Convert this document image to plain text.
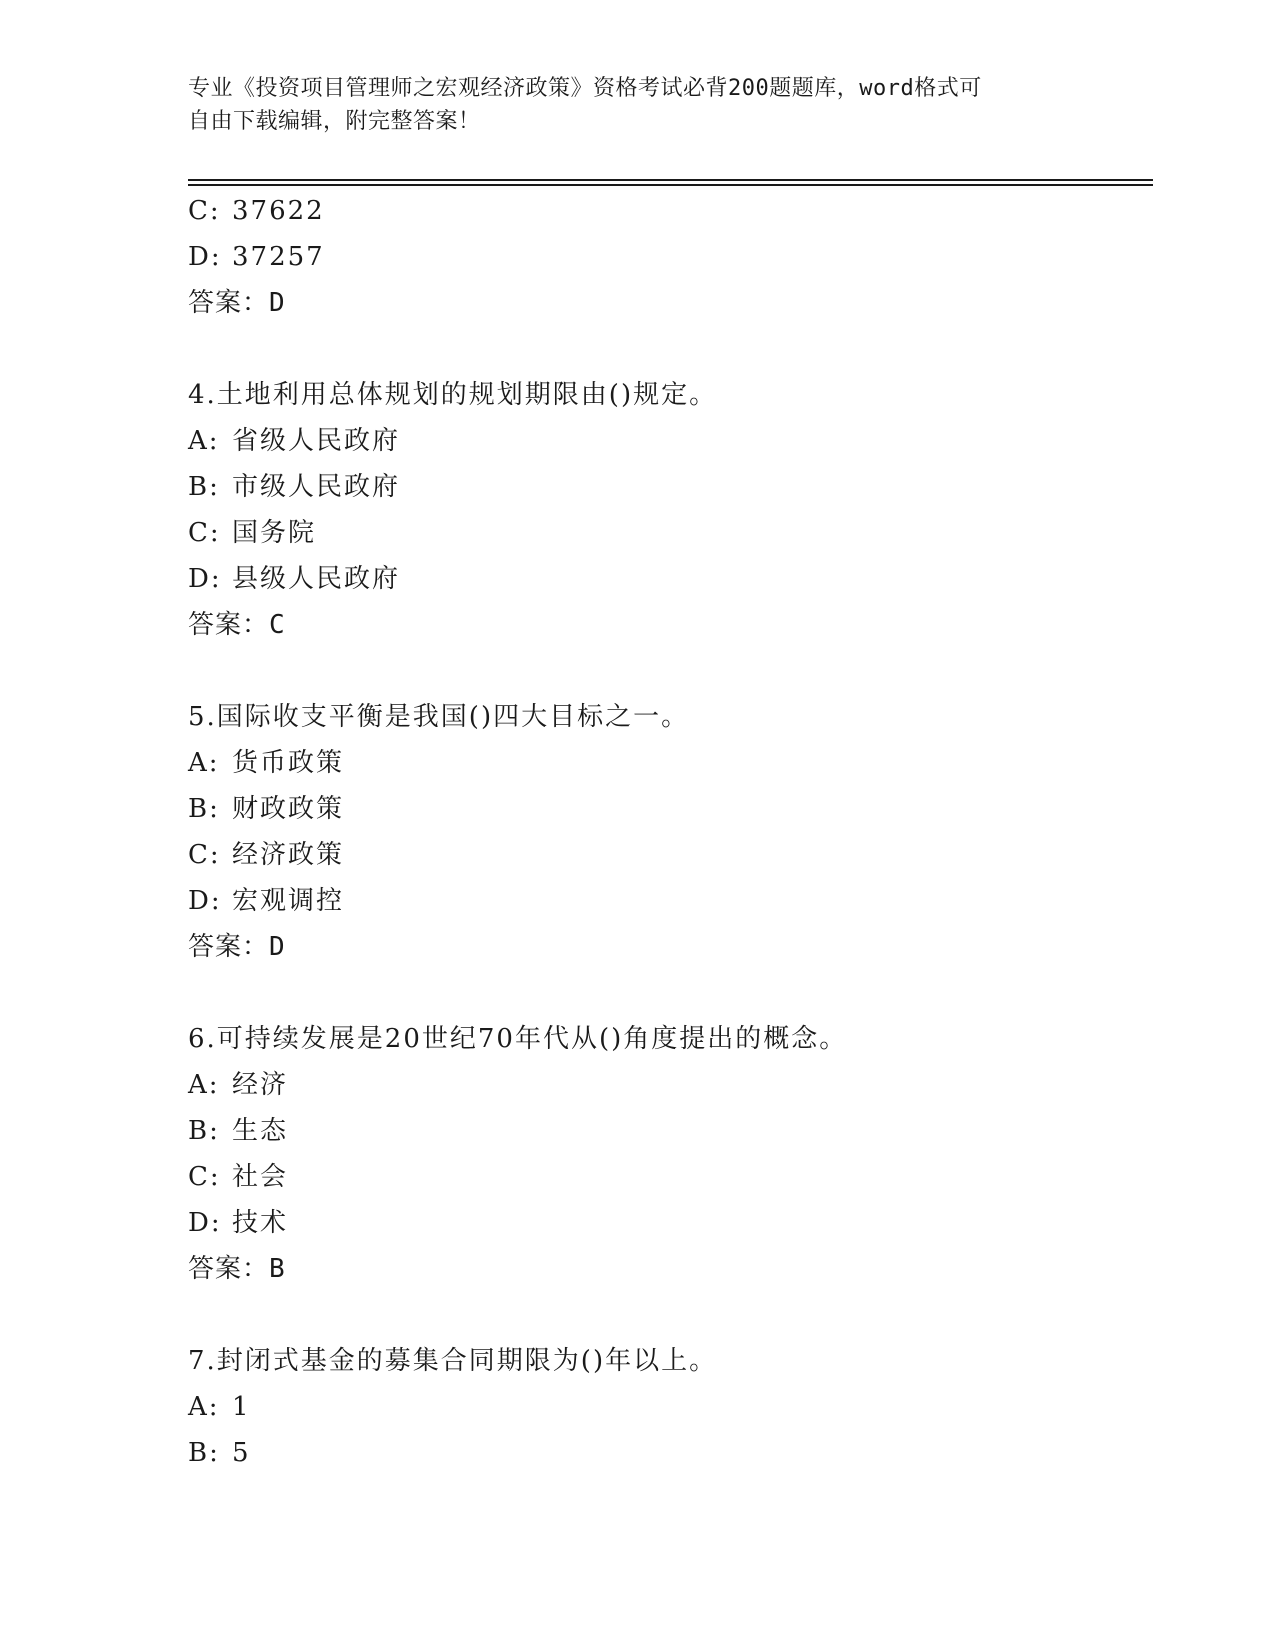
专业《投资项目管理师之宏观经济政策》资格考试必背200题题库，word格式可
自由下载编辑，附完整答案！
C: 37622
D: 37257
答案：D
4.土地利用总体规划的规划期限由()规定。
A: 省级人民政府
B: 市级人民政府
C: 国务院
D: 县级人民政府
答案：C
5.国际收支平衡是我国()四大目标之一。
A: 货币政策
B: 财政政策
C: 经济政策
D: 宏观调控
答案：D
6.可持续发展是20世纪70年代从()角度提出的概念。
A: 经济
B: 生态
C: 社会
D: 技术
答案：B
7.封闭式基金的募集合同期限为()年以上。
A: 1
B: 5
